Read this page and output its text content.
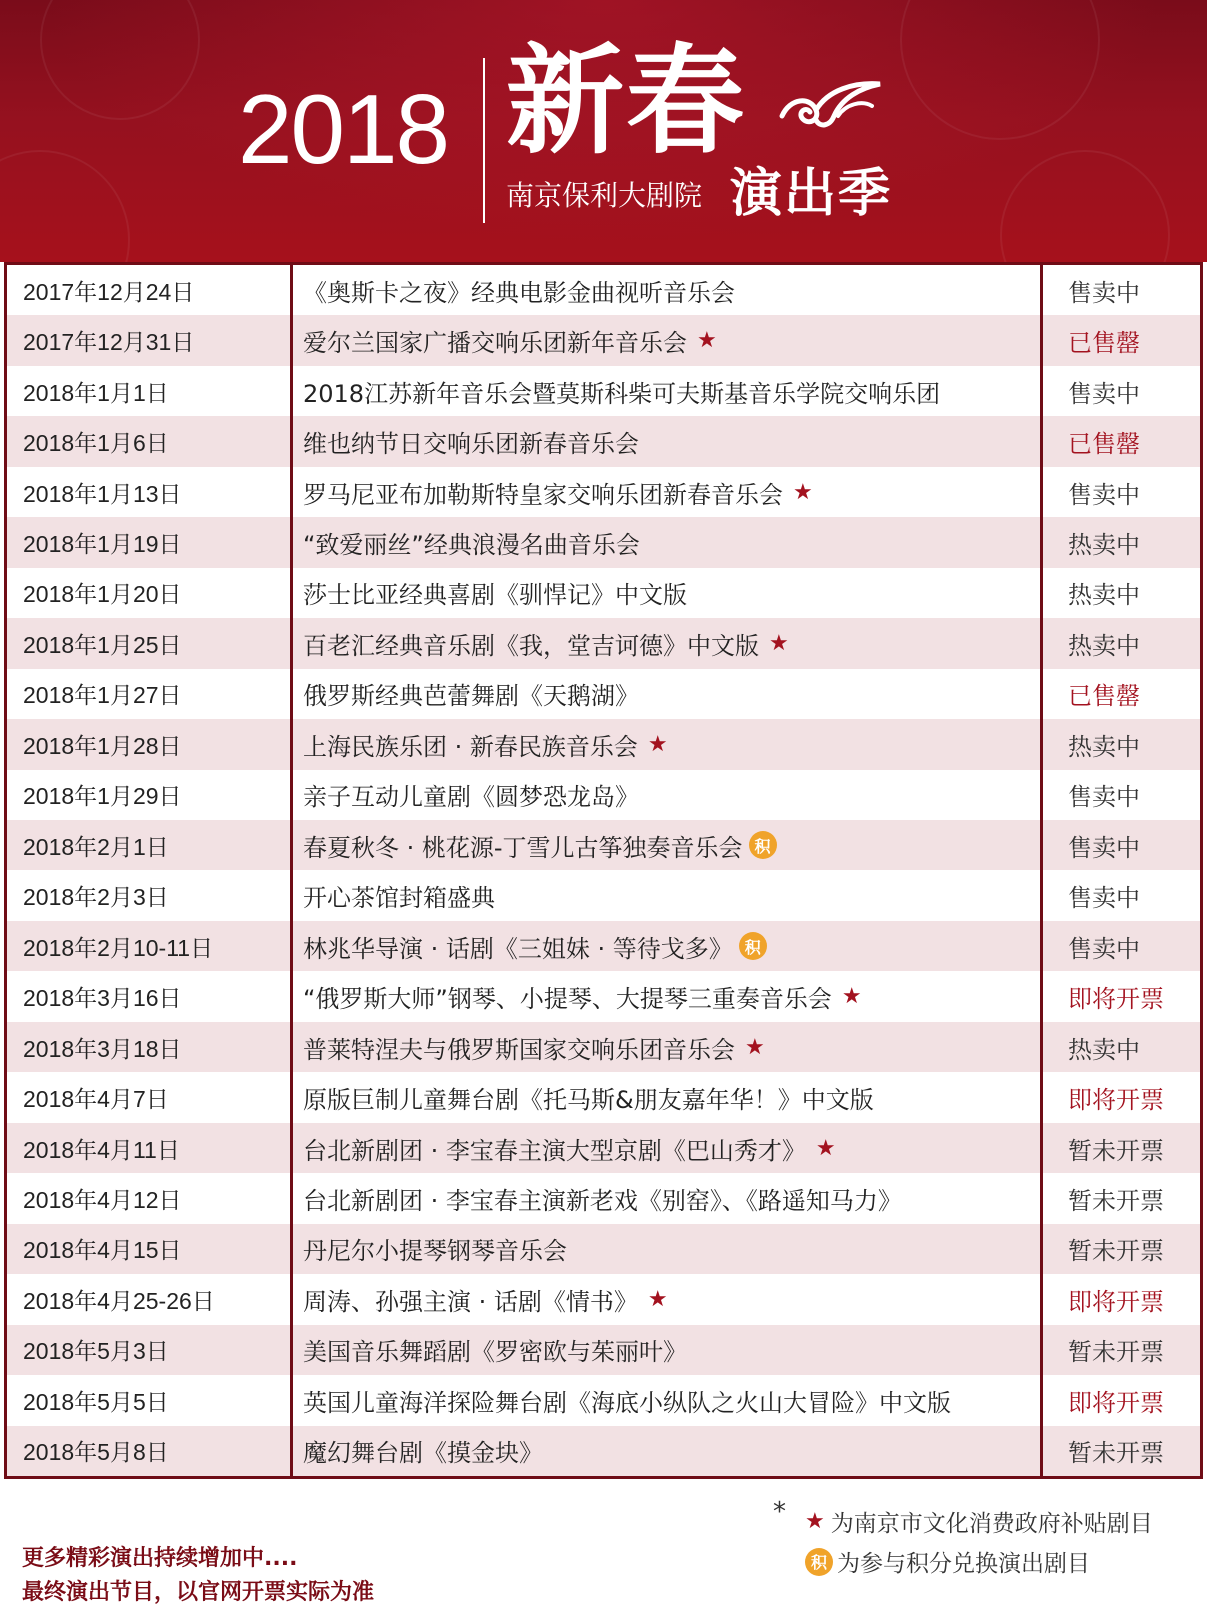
2018 新春
南京保利大剧院 演出季
2017年12月24日	《奥斯卡之夜》经典电影金曲视听音乐会	售卖中
2017年12月31日	爱尔兰国家广播交响乐团新年音乐会 ★	已售罄
2018年1月1日	2018江苏新年音乐会暨莫斯科柴可夫斯基音乐学院交响乐团	售卖中
2018年1月6日	维也纳节日交响乐团新春音乐会	已售罄
2018年1月13日	罗马尼亚布加勒斯特皇家交响乐团新春音乐会 ★	售卖中
2018年1月19日	“致爱丽丝”经典浪漫名曲音乐会	热卖中
2018年1月20日	莎士比亚经典喜剧《驯悍记》中文版	热卖中
2018年1月25日	百老汇经典音乐剧《我，堂吉诃德》中文版 ★	热卖中
2018年1月27日	俄罗斯经典芭蕾舞剧《天鹅湖》	已售罄
2018年1月28日	上海民族乐团 · 新春民族音乐会 ★	热卖中
2018年1月29日	亲子互动儿童剧《圆梦恐龙岛》	售卖中
2018年2月1日	春夏秋冬 · 桃花源-丁雪儿古筝独奏音乐会 积	售卖中
2018年2月3日	开心茶馆封箱盛典	售卖中
2018年2月10-11日	林兆华导演 · 话剧《三姐妹 · 等待戈多》 积	售卖中
2018年3月16日	“俄罗斯大师”钢琴、小提琴、大提琴三重奏音乐会 ★	即将开票
2018年3月18日	普莱特涅夫与俄罗斯国家交响乐团音乐会 ★	热卖中
2018年4月7日	原版巨制儿童舞台剧《托马斯&朋友嘉年华！》中文版	即将开票
2018年4月11日	台北新剧团 · 李宝春主演大型京剧《巴山秀才》 ★	暂未开票
2018年4月12日	台北新剧团 · 李宝春主演新老戏《别窑》、《路遥知马力》	暂未开票
2018年4月15日	丹尼尔小提琴钢琴音乐会	暂未开票
2018年4月25-26日	周涛、孙强主演 · 话剧《情书》 ★	即将开票
2018年5月3日	美国音乐舞蹈剧《罗密欧与茱丽叶》	暂未开票
2018年5月5日	英国儿童海洋探险舞台剧《海底小纵队之火山大冒险》中文版	即将开票
2018年5月8日	魔幻舞台剧《摸金块》	暂未开票
更多精彩演出持续增加中....
最终演出节目，以官网开票实际为准
* ★ 为南京市文化消费政府补贴剧目
积 为参与积分兑换演出剧目
